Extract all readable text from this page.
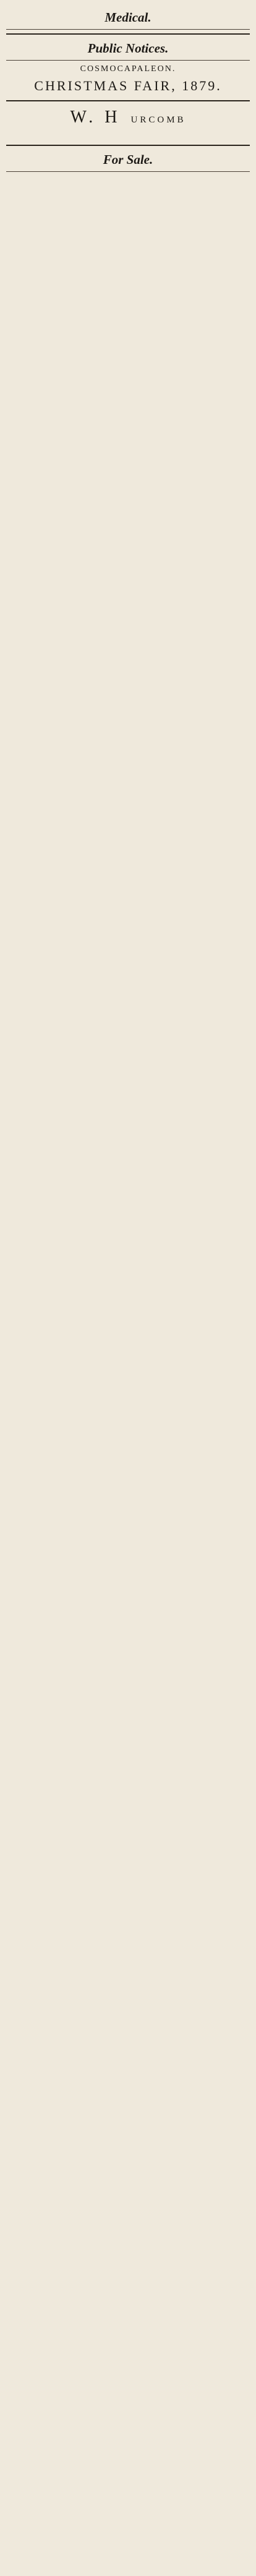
Medical.

Public Notices.
COSMOCAPALEON.
CHRISTMAS FAIR, 1879.

W. H URCOMB

For Sale.
